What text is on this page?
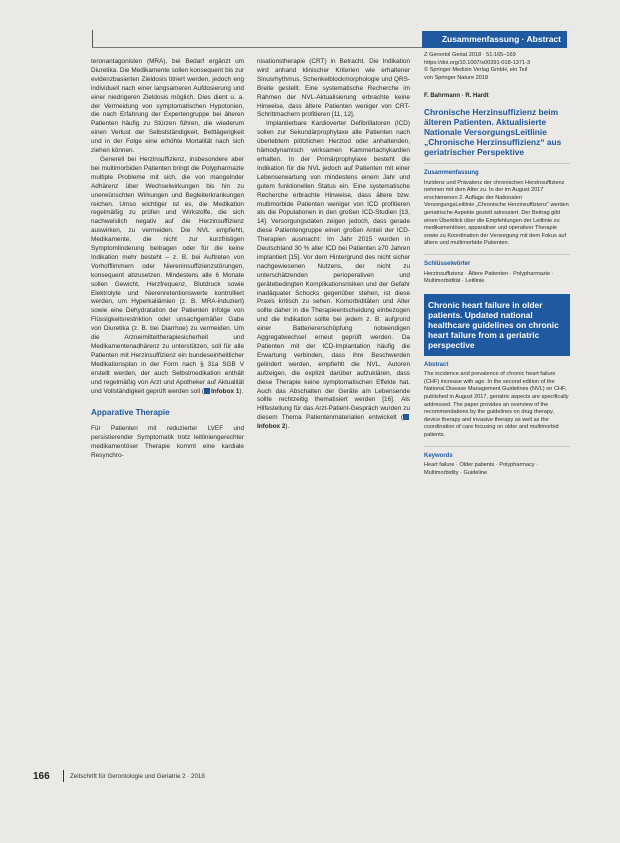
Zusammenfassung · Abstract

teronantagonisten (MRA), bei Bedarf ergänzt um Diuretika. Die Medikamente sollen konsequent bis zur evidenzbasierten Zieldosis titriert werden, jedoch eng individuell nach einer langsameren Aufdosierung und einer niedrigeren Zieldosis möglich. Dies dient u. a. der Vermeidung von symptomatischen Hypotonien, die nach Erfahrung der Expertengruppe bei älteren Patienten häufig zu Stürzen führen, die wiederum einen Verlust der Selbstständigkeit, Bettlägerigkeit und in der Folge eine erhöhte Mortalität nach sich ziehen können.

Generell bei Herzinsuffizienz, insbesondere aber bei multimorbiden Patienten bringt die Polypharmazie multiple Probleme mit sich, die von mangelnder Adhärenz über Wechselwirkungen bis hin zu unerwünschten Wirkungen und Begleiterkrankungen reichen. Umso wichtiger ist es, die Medikation regelmäßig zu prüfen und Wirkstoffe, die sich nachweislich negativ auf die Herzinsuffizienz auswirken, zu vermeiden. Die NVL empfiehlt, Medikamente, die nicht zur kurzfristigen Symptomlinderung beitragen oder für die keine Indikation mehr besteht – z. B. bei Auftreten von Vorhofflimmern oder Niereninsuffizienzstörungen, konsequent abzusetzen. Mindestens alle 6 Monate sollen Gewicht, Herzfrequenz, Blutdruck sowie Elektrolyte und Nierenretentionswerte kontrolliert werden, um Hyperkaliämien (z. B. MRA-induziert) sowie eine Dehydratation der Patienten infolge von Flüssigkeitsrestriktion oder unsachgemäßer Gabe von Diuretika (z. B. bei Diarrhoe) zu vermeiden. Um die Arzneimitteltherapiesicherheit und Medikamentenadhärenz zu unterstützen, soll für alle Patienten mit Herzinsuffizienz ein bundeseinheitlicher Medikationsplan in der Form nach § 31a SGB V erstellt werden, der auch Selbstmedikation enthält und regelmäßig von Arzt und Apotheker auf Aktualität und Vollständigkeit geprüft werden soll ( Infobox 1).

Apparative Therapie

Für Patienten mit reduzierter LVEF und persistierender Symptomatik trotz leitliniengerechter medikamentöser Therapie kommt eine kardiale Resynchro-

nisationstherapie (CRT) in Betracht. Die Indikation wird anhand klinischer Kriterien wie erhaltener Sinusrhythmus, Schenkelblockmorphologie und QRS-Breite gestellt. Eine systematische Recherche im Rahmen der NVL-Aktualisierung erbrachte keine Hinweise, dass ältere Patienten weniger von CRT-Schrittmachern profitieren [11, 12].

Implantierbare Kardioverter Defibrillatoren (ICD) sollen zur Sekundärprophylaxe alle Patienten nach überlebtem plötzlichen Herztod oder anhaltenden, hämodynamisch wirksamen Kammertachykardien erhalten. In der Primärprophylaxe besteht die Indikation für die NVL jedoch auf Patienten mit einer Lebenserwartung von mindestens einem Jahr und gutem funktionellen Status ein. Eine systematische Recherche erbrachte Hinweise, dass ältere bzw. multimorbide Patienten weniger von ICD profitieren als die Populationen in den großen ICD-Studien [13, 14]. Versorgungsdaten zeigen jedoch, dass gerade diese Patientengruppe einen großen Anteil der ICD-Therapien ausmacht: Im Jahr 2015 wurden in Deutschland 30 % aller ICD bei Patienten ≥70 Jahren implantiert [15]. Vor dem Hintergrund des nicht sicher nachgewiesenen Nutzens, der nicht zu unterschätzenden perioperativen und gerätebedingten Komplikationsrisiken und der Gefahr inadäquater Schocks gegenüber stehen, ist diese Praxis kritisch zu sehen. Komorbiditäten und Alter sollte daher in die Therapieentscheidung einbezogen und die Indikation sollte bei jedem z. B. aufgrund einer Batteriererschöpfung notwendigen Aggregatwechsel erneut geprüft werden. Da Patienten mit der ICD-Implantation häufig die Erwartung verbinden, dass ihre Beschwerden gelindert werden, empfiehlt die NVL, Autoren aufzeigen, die explizit darüber aufzuklären, dass diese Therapie keine symptomatischen Effekte hat. Auch das Abschalten der Geräte am Lebensende sollte rechtzeitig thematisiert werden [16]. Als Hilfestellung für das Arzt-Patient-Gespräch wurden zu diesem Thema Patientenmaterialien entwickelt (Infobox 2).

Z Gerontol Geriat 2018 · 51:165–169

https://doi.org/10.1007/s00391-018-1371-3

© Springer Medizin Verlag GmbH, ein Teil

von Springer Nature 2018

F. Bahrmann · R. Hardt
Chronische Herzinsuffizienz beim älteren Patienten. Aktualisierte Nationale VersorgungsLeitlinie „Chronische Herzinsuffizienz“ aus geriatrischer Perspektive
Zusammenfassung

Inzidenz und Prävalenz der chronischen Herzinsuffizienz nehmen mit dem Alter zu. In der im August 2017 erschienenen 2. Auflage der Nationalen VersorgungsLeitlinie „Chronische Herzinsuffizienz“ werden geriatrische Aspekte gezielt adressiert. Der Beitrag gibt einen Überblick über die Empfehlungen der Leitlinie zu medikamentöser, apparativer und operativer Therapie sowie zu Koordination der Versorgung mit dem Fokus auf ältere und multimorbide Patienten.

Schlüsselwörter

Herzinsuffizienz · Ältere Patienten · Polypharmazie · Multimorbidität · Leitlinie

Chronic heart failure in older patients. Updated national healthcare guidelines on chronic heart failure from a geriatric perspective
Abstract

The incidence and prevalence of chronic heart failure (CHF) increase with age. In the second edition of the National Disease Management Guidelines (NVL) on CHF, published in August 2017, geriatric aspects are specifically addressed. The paper provides an overview of the recommendations by the guidelines on drug therapy, device therapy and invasive therapy as well as the coordination of care focusing on older and multimorbid patients.

Keywords

Heart failure · Older patients · Polypharmacy · Multimorbidity · Guideline

166	Zeitschrift für Gerontologie und Geriatrie 2 · 2018
